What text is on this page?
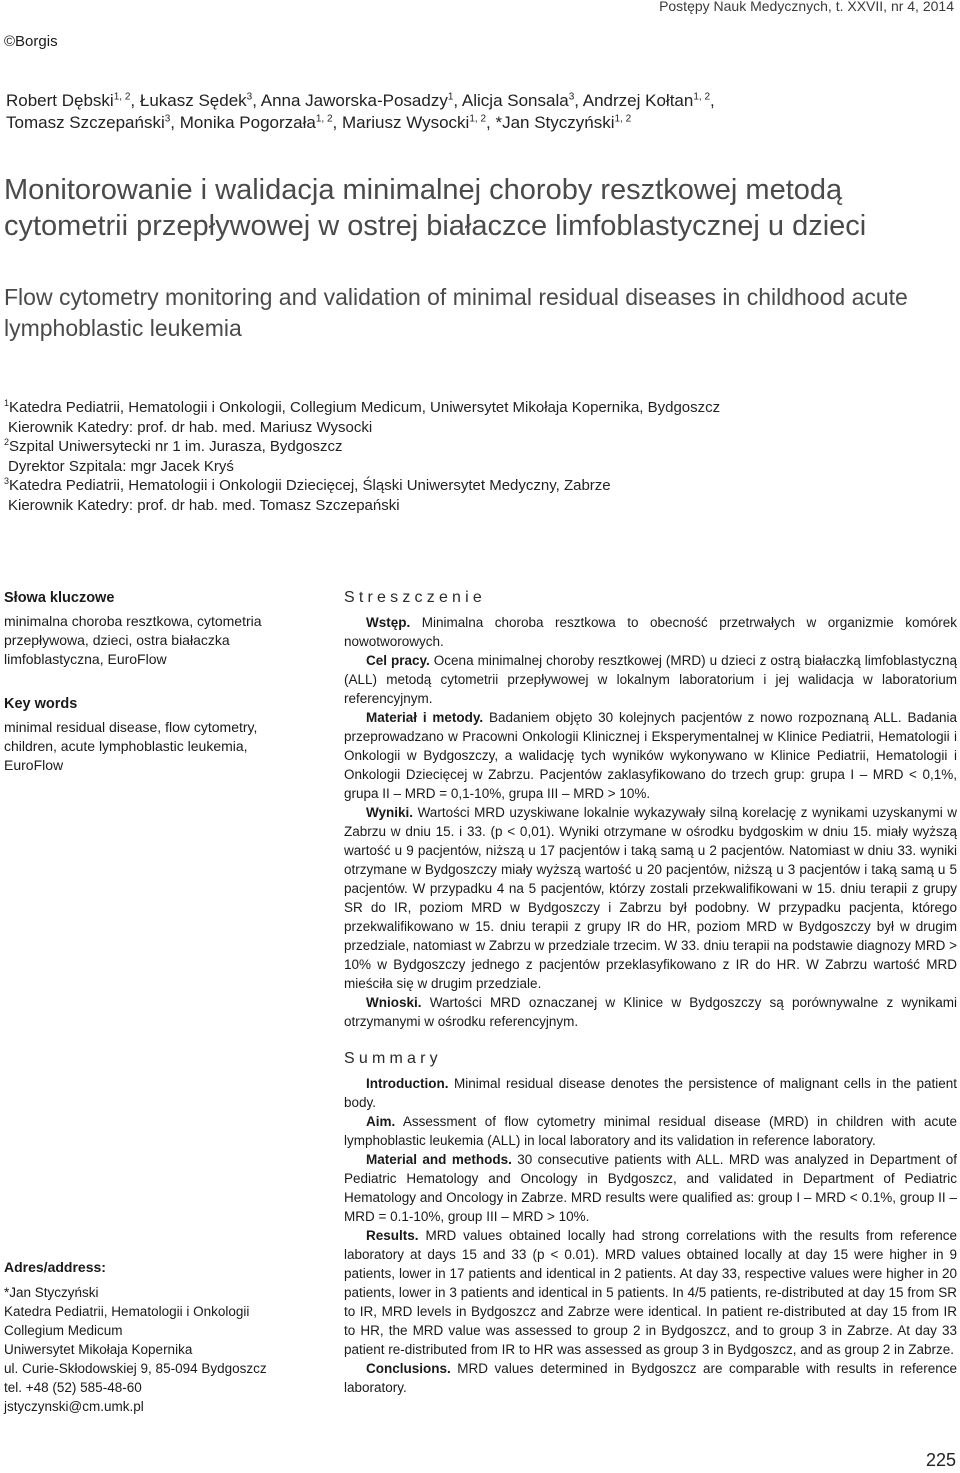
Postępy Nauk Medycznych, t. XXVII, nr 4, 2014
©Borgis
Robert Dębski$^{1, 2}$, Łukasz Sędek$^3$, Anna Jaworska-Posadzy$^1$, Alicja Sonsala$^3$, Andrzej Kołtan$^{1, 2}$,
Tomasz Szczepański$^3$, Monika Pogorzała$^{1, 2}$, Mariusz Wysocki$^{1, 2}$, *Jan Styczyński$^{1, 2}$
Monitorowanie i walidacja minimalnej choroby resztkowej metodą cytometrii przepływowej w ostrej białaczce limfoblastycznej u dzieci
Flow cytometry monitoring and validation of minimal residual diseases in childhood acute lymphoblastic leukemia
$^1$Katedra Pediatrii, Hematologii i Onkologii, Collegium Medicum, Uniwersytet Mikołaja Kopernika, Bydgoszcz
Kierownik Katedry: prof. dr hab. med. Mariusz Wysocki
$^2$Szpital Uniwersytecki nr 1 im. Jurasza, Bydgoszcz
Dyrektor Szpitala: mgr Jacek Kryś
$^3$Katedra Pediatrii, Hematologii i Onkologii Dziecięcej, Śląski Uniwersytet Medyczny, Zabrze
Kierownik Katedry: prof. dr hab. med. Tomasz Szczepański
Słowa kluczowe
minimalna choroba resztkowa, cytometria przepływowa, dzieci, ostra białaczka limfoblastyczna, EuroFlow
Key words
minimal residual disease, flow cytometry, children, acute lymphoblastic leukemia, EuroFlow
Adres/address:
*Jan Styczyński
Katedra Pediatrii, Hematologii i Onkologii
Collegium Medicum
Uniwersytet Mikołaja Kopernika
ul. Curie-Skłodowskiej 9, 85-094 Bydgoszcz
tel. +48 (52) 585-48-60
jstyczynski@cm.umk.pl
Streszczenie

Wstęp. Minimalna choroba resztkowa to obecność przetrwałych w organizmie komórek nowotworowych.

Cel pracy. Ocena minimalnej choroby resztkowej (MRD) u dzieci z ostrą białaczką limfoblastyczną (ALL) metodą cytometrii przepływowej w lokalnym laboratorium i jej walidacja w laboratorium referencyjnym.

Materiał i metody. Badaniem objęto 30 kolejnych pacjentów z nowo rozpoznaną ALL. Badania przeprowadzano w Pracowni Onkologii Klinicznej i Eksperymentalnej w Klinice Pediatrii, Hematologii i Onkologii w Bydgoszczy, a walidację tych wyników wykonywano w Klinice Pediatrii, Hematologii i Onkologii Dziecięcej w Zabrzu. Pacjentów zaklasyfikowano do trzech grup: grupa I – MRD < 0,1%, grupa II – MRD = 0,1-10%, grupa III – MRD > 10%.

Wyniki. Wartości MRD uzyskiwane lokalnie wykazywały silną korelację z wynikami uzyskanymi w Zabrzu w dniu 15. i 33. (p < 0,01). Wyniki otrzymane w ośrodku bydgoskim w dniu 15. miały wyższą wartość u 9 pacjentów, niższą u 17 pacjentów i taką samą u 2 pacjentów. Natomiast w dniu 33. wyniki otrzymane w Bydgoszczy miały wyższą wartość u 20 pacjentów, niższą u 3 pacjentów i taką samą u 5 pacjentów. W przypadku 4 na 5 pacjentów, którzy zostali przekwalifikowani w 15. dniu terapii z grupy SR do IR, poziom MRD w Bydgoszczy i Zabrzu był podobny. W przypadku pacjenta, którego przekwalifikowano w 15. dniu terapii z grupy IR do HR, poziom MRD w Bydgoszczy był w drugim przedziale, natomiast w Zabrzu w przedziale trzecim. W 33. dniu terapii na podstawie diagnozy MRD > 10% w Bydgoszczy jednego z pacjentów przeklasyfikowano z IR do HR. W Zabrzu wartość MRD mieściła się w drugim przedziale.

Wnioski. Wartości MRD oznaczanej w Klinice w Bydgoszczy są porównywalne z wynikami otrzymanymi w ośrodku referencyjnym.

Summary

Introduction. Minimal residual disease denotes the persistence of malignant cells in the patient body.

Aim. Assessment of flow cytometry minimal residual disease (MRD) in children with acute lymphoblastic leukemia (ALL) in local laboratory and its validation in reference laboratory.

Material and methods. 30 consecutive patients with ALL. MRD was analyzed in Department of Pediatric Hematology and Oncology in Bydgoszcz, and validated in Department of Pediatric Hematology and Oncology in Zabrze. MRD results were qualified as: group I – MRD < 0.1%, group II – MRD = 0.1-10%, group III – MRD > 10%.

Results. MRD values obtained locally had strong correlations with the results from reference laboratory at days 15 and 33 (p < 0.01). MRD values obtained locally at day 15 were higher in 9 patients, lower in 17 patients and identical in 2 patients. At day 33, respective values were higher in 20 patients, lower in 3 patients and identical in 5 patients. In 4/5 patients, re-distributed at day 15 from SR to IR, MRD levels in Bydgoszcz and Zabrze were identical. In patient re-distributed at day 15 from IR to HR, the MRD value was assessed to group 2 in Bydgoszcz, and to group 3 in Zabrze. At day 33 patient re-distributed from IR to HR was assessed as group 3 in Bydgoszcz, and as group 2 in Zabrze.

Conclusions. MRD values determined in Bydgoszcz are comparable with results in reference laboratory.

225
